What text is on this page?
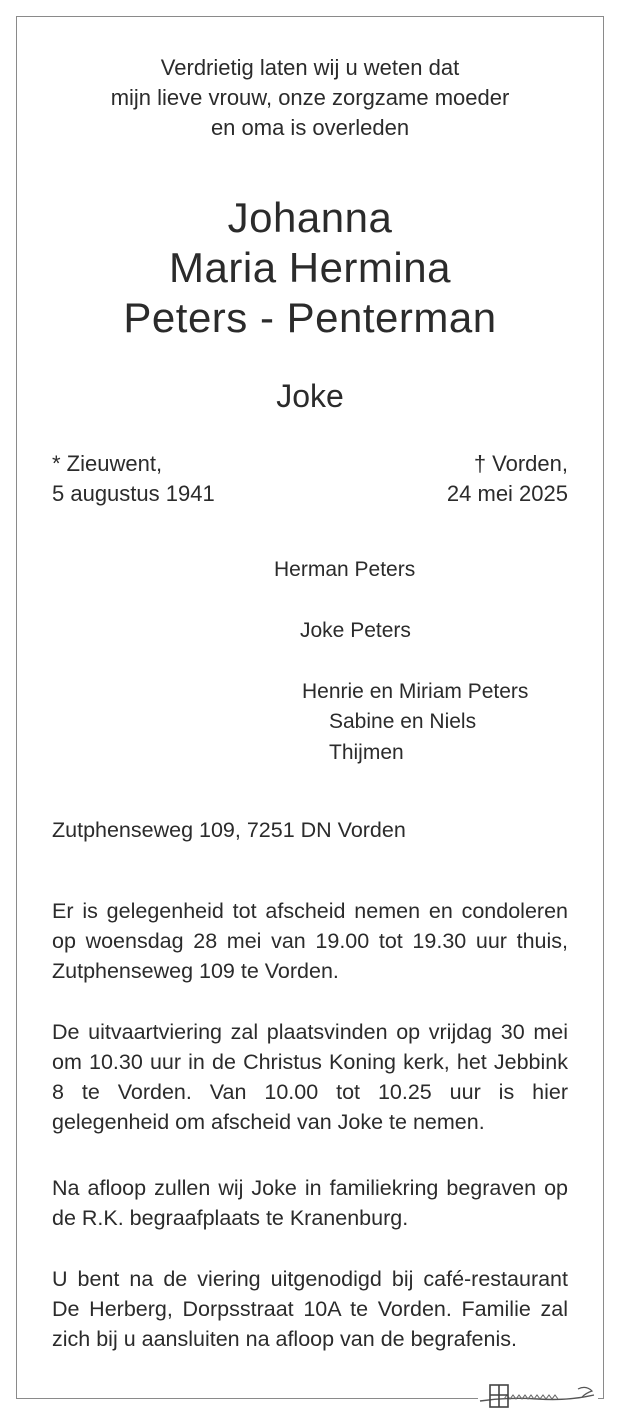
Verdrietig laten wij u weten dat
mijn lieve vrouw, onze zorgzame moeder
en oma is overleden
Johanna
Maria Hermina
Peters - Penterman
Joke
* Zieuwent,
5 augustus 1941
† Vorden,
24 mei 2025
Herman Peters
Joke Peters
Henrie en Miriam Peters
Sabine en Niels
Thijmen
Zutphenseweg 109, 7251 DN Vorden
Er is gelegenheid tot afscheid nemen en condoleren op woensdag 28 mei van 19.00 tot 19.30 uur thuis, Zutphenseweg 109 te Vorden.
De uitvaartviering zal plaatsvinden op vrijdag 30 mei om 10.30 uur in de Christus Koning kerk, het Jebbink 8 te Vorden. Van 10.00 tot 10.25 uur is hier gelegenheid om afscheid van Joke te nemen.
Na afloop zullen wij Joke in familiekring begraven op de R.K. begraafplaats te Kranenburg.
U bent na de viering uitgenodigd bij café-restaurant De Herberg, Dorpsstraat 10A te Vorden. Familie zal zich bij u aansluiten na afloop van de begrafenis.
